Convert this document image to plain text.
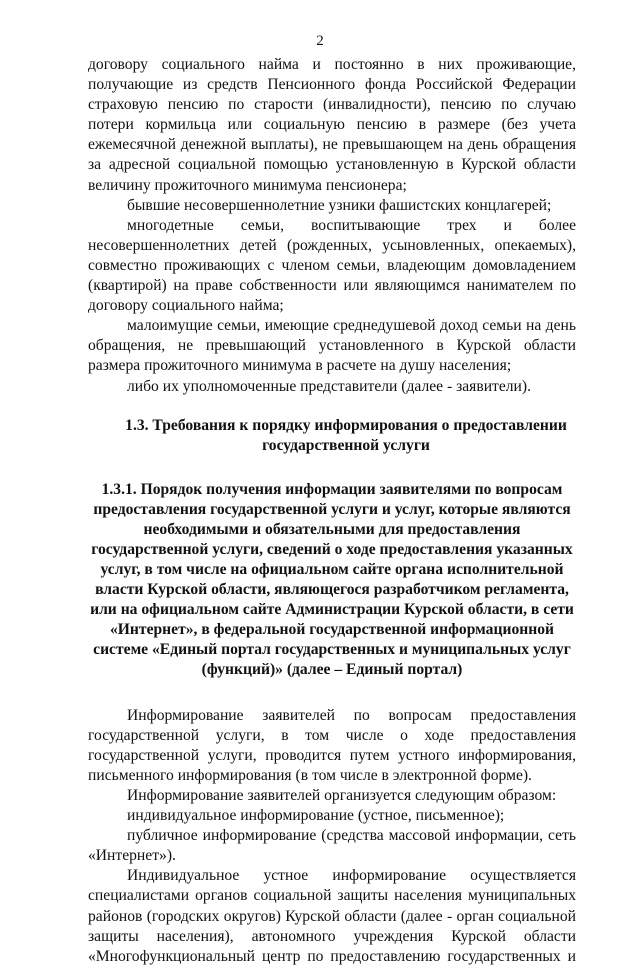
2

договору социального найма и постоянно в них проживающие, получающие из средств Пенсионного фонда Российской Федерации страховую пенсию по старости (инвалидности), пенсию по случаю потери кормильца или социальную пенсию в размере (без учета ежемесячной денежной выплаты), не превышающем на день обращения за адресной социальной помощью установленную в Курской области величину прожиточного минимума пенсионера;

бывшие несовершеннолетние узники фашистских концлагерей;

многодетные семьи, воспитывающие трех и более несовершеннолетних детей (рожденных, усыновленных, опекаемых), совместно проживающих с членом семьи, владеющим домовладением (квартирой) на праве собственности или являющимся нанимателем по договору социального найма;

малоимущие семьи, имеющие среднедушевой доход семьи на день обращения, не превышающий установленного в Курской области размера прожиточного минимума в расчете на душу населения;

либо их уполномоченные представители (далее - заявители).

1.3. Требования к порядку информирования о предоставлении государственной услуги

1.3.1. Порядок получения информации заявителями по вопросам предоставления государственной услуги и услуг, которые являются необходимыми и обязательными для предоставления государственной услуги, сведений о ходе предоставления указанных услуг, в том числе на официальном сайте органа исполнительной власти Курской области, являющегося разработчиком регламента, или на официальном сайте Администрации Курской области, в сети «Интернет», в федеральной государственной информационной системе «Единый портал государственных и муниципальных услуг (функций)» (далее – Единый портал)

Информирование заявителей по вопросам предоставления государственной услуги, в том числе о ходе предоставления государственной услуги, проводится путем устного информирования, письменного информирования (в том числе в электронной форме).

Информирование заявителей организуется следующим образом:

индивидуальное информирование (устное, письменное);

публичное информирование (средства массовой информации, сеть «Интернет»).

Индивидуальное устное информирование осуществляется специалистами органов социальной защиты населения муниципальных районов (городских округов) Курской области (далее - орган социальной защиты населения), автономного учреждения Курской области «Многофункциональный центр по предоставлению государственных и
